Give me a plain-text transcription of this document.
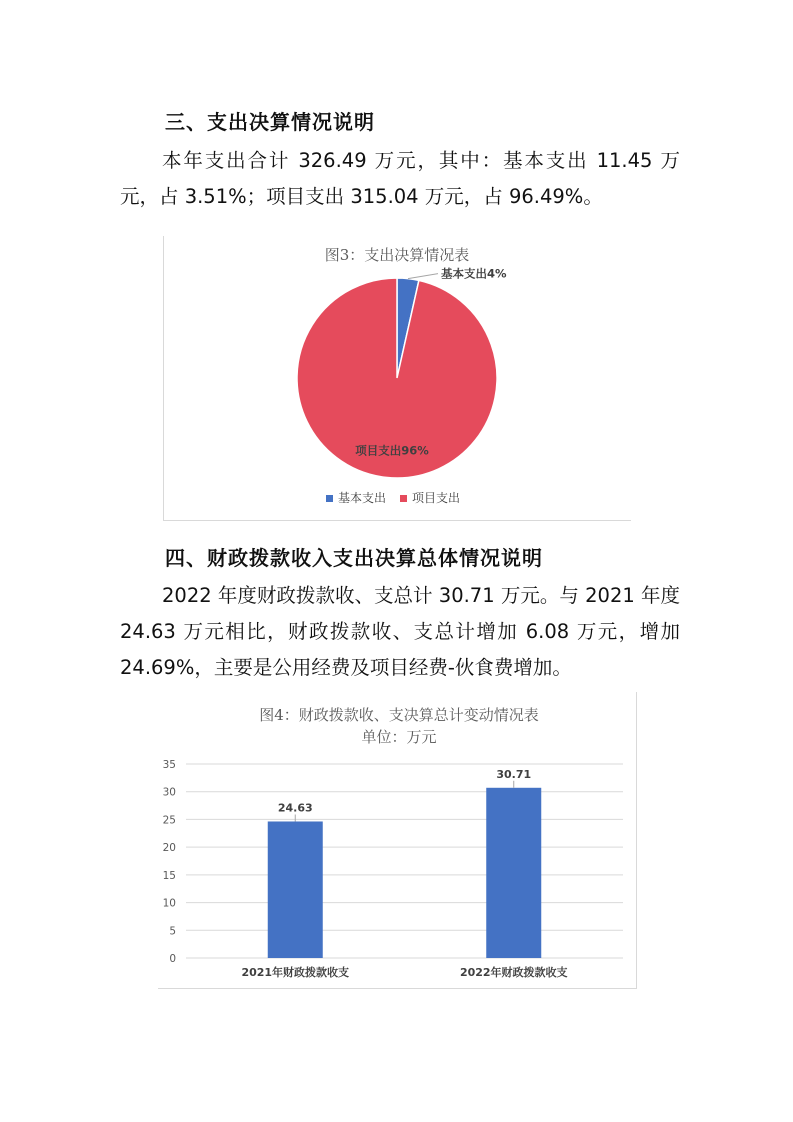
三、支出决算情况说明
本年支出合计 326.49 万元，其中：基本支出 11.45 万元，占 3.51%；项目支出 315.04 万元，占 96.49%。
图3：支出决算情况表
基本支出4%
项目支出96%
基本支出 项目支出
四、财政拨款收入支出决算总体情况说明
2022 年度财政拨款收、支总计 30.71 万元。与 2021 年度 24.63 万元相比，财政拨款收、支总计增加 6.08 万元，增加 24.69%，主要是公用经费及项目经费-伙食费增加。
图4：财政拨款收、支决算总计变动情况表
单位：万元
0
5
10
15
20
25
30
35
24.63
2021年财政拨款收支
30.71
2022年财政拨款收支
